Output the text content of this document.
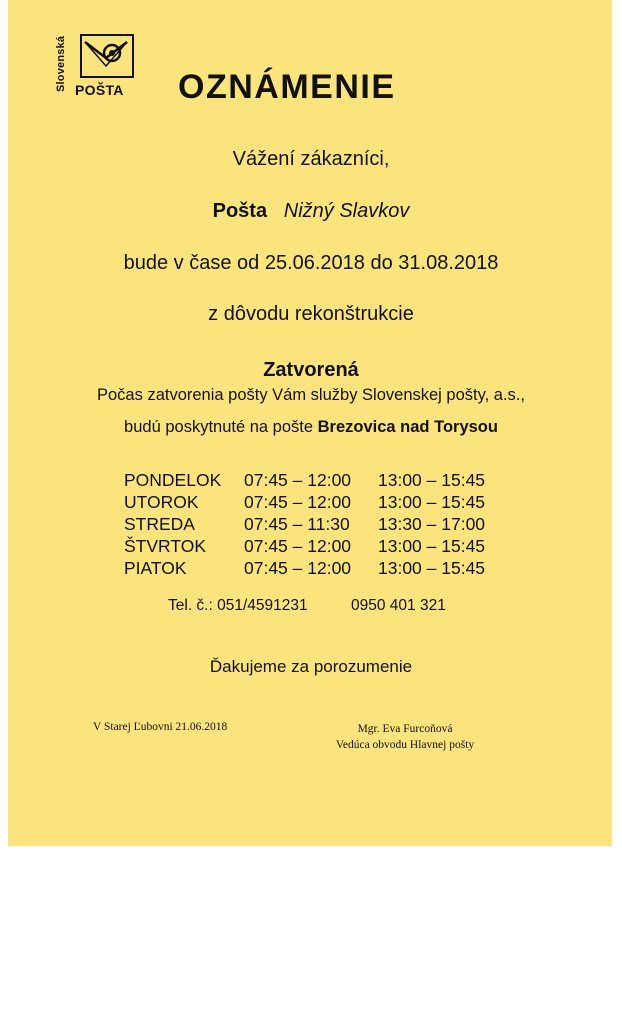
Slovenská POŠTA OZNÁMENIE
Vážení zákazníci,
Pošta Nižný Slavkov
bude v čase od 25.06.2018 do 31.08.2018
z dôvodu rekonštrukcie
Zatvorená
Počas zatvorenia pošty Vám služby Slovenskej pošty, a.s.,
budú poskytnuté na pošte Brezovica nad Torysou
PONDELOK 07:45 – 12:00 13:00 – 15:45
UTOROK	07:45 – 12:00 13:00 – 15:45
STREDA	07:45 – 11:30 13:30 – 17:00
ŠTVRTOK 07:45 – 12:00 13:00 – 15:45
PIATOK	07:45 – 12:00 13:00 – 15:45
Tel. č.: 051/4591231	0950 401 321
Ďakujeme za porozumenie
V Starej Ľubovni 21.06.2018	Mgr. Eva Furcoňová
Vedúca obvodu Hlavnej pošty
